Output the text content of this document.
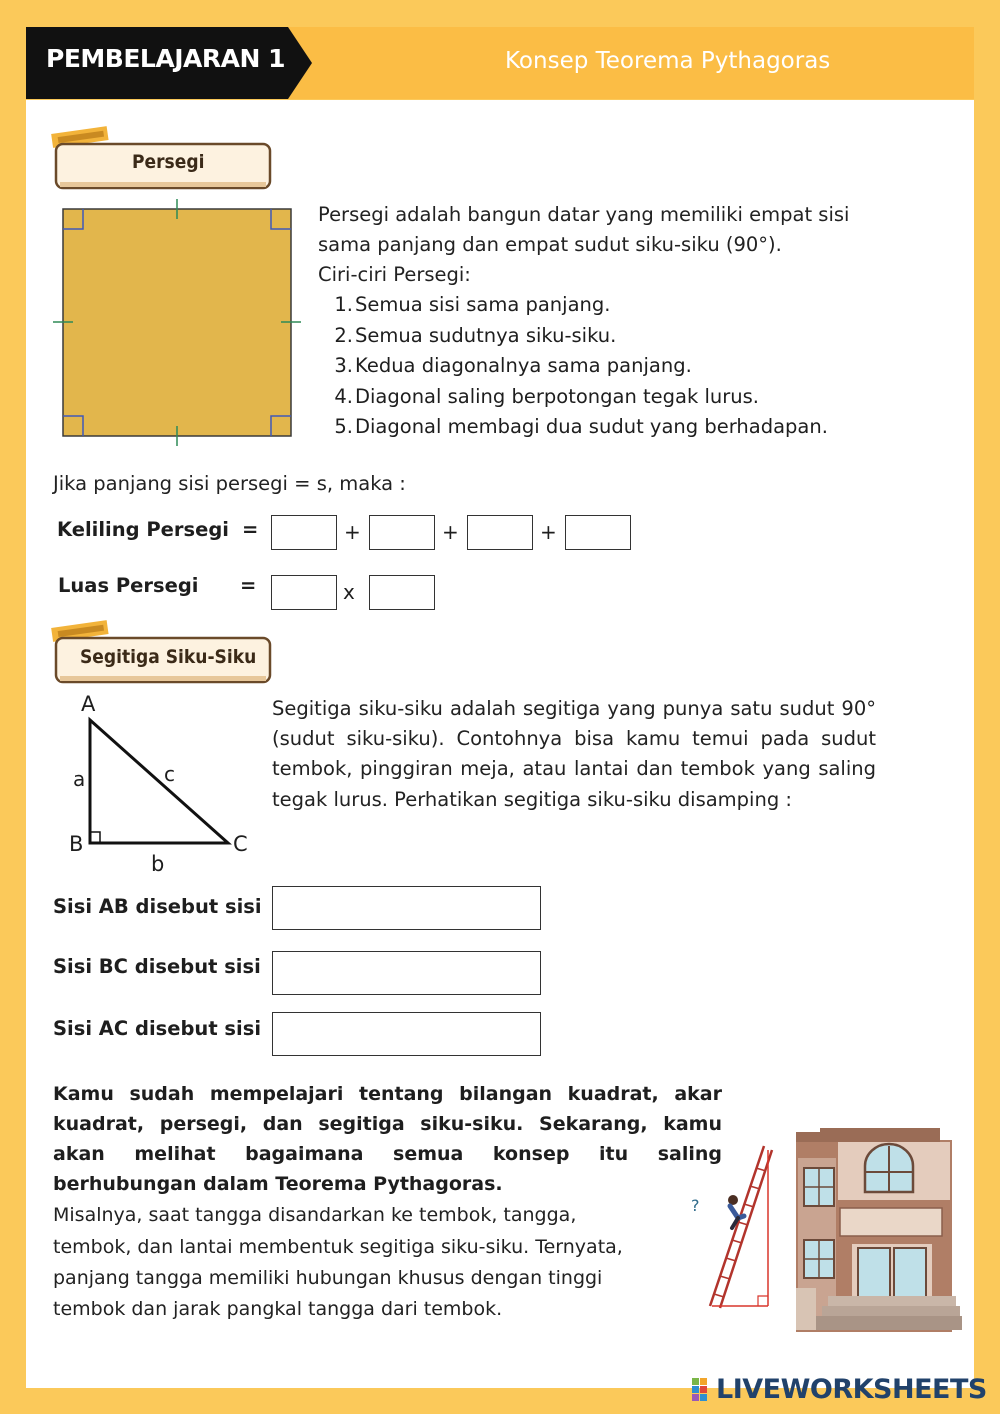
PEMBELAJARAN 1	Konsep Teorema Pythagoras
Persegi
Persegi adalah bangun datar yang memiliki empat sisi
sama panjang dan empat sudut siku-siku (90°).
Ciri-ciri Persegi:
1. Semua sisi sama panjang.
2. Semua sudutnya siku-siku.
3. Kedua diagonalnya sama panjang.
4. Diagonal saling berpotongan tegak lurus.
5. Diagonal membagi dua sudut yang berhadapan.
Jika panjang sisi persegi = s, maka :
Keliling Persegi =	+	+	+
Luas Persegi =	x
Segitiga Siku-Siku
A
B	C
a	c
b
Segitiga siku-siku adalah segitiga yang punya satu sudut 90° (sudut siku-siku). Contohnya bisa kamu temui pada sudut tembok, pinggiran meja, atau lantai dan tembok yang saling tegak lurus. Perhatikan segitiga siku-siku disamping :
Sisi AB disebut sisi
Sisi BC disebut sisi
Sisi AC disebut sisi
Kamu sudah mempelajari tentang bilangan kuadrat, akar
kuadrat, persegi, dan segitiga siku-siku. Sekarang, kamu
akan melihat bagaimana semua konsep itu saling
berhubungan dalam Teorema Pythagoras.
Misalnya, saat tangga disandarkan ke tembok, tangga,
tembok, dan lantai membentuk segitiga siku-siku. Ternyata,
panjang tangga memiliki hubungan khusus dengan tinggi
tembok dan jarak pangkal tangga dari tembok.
?
LIVEWORKSHEETS
